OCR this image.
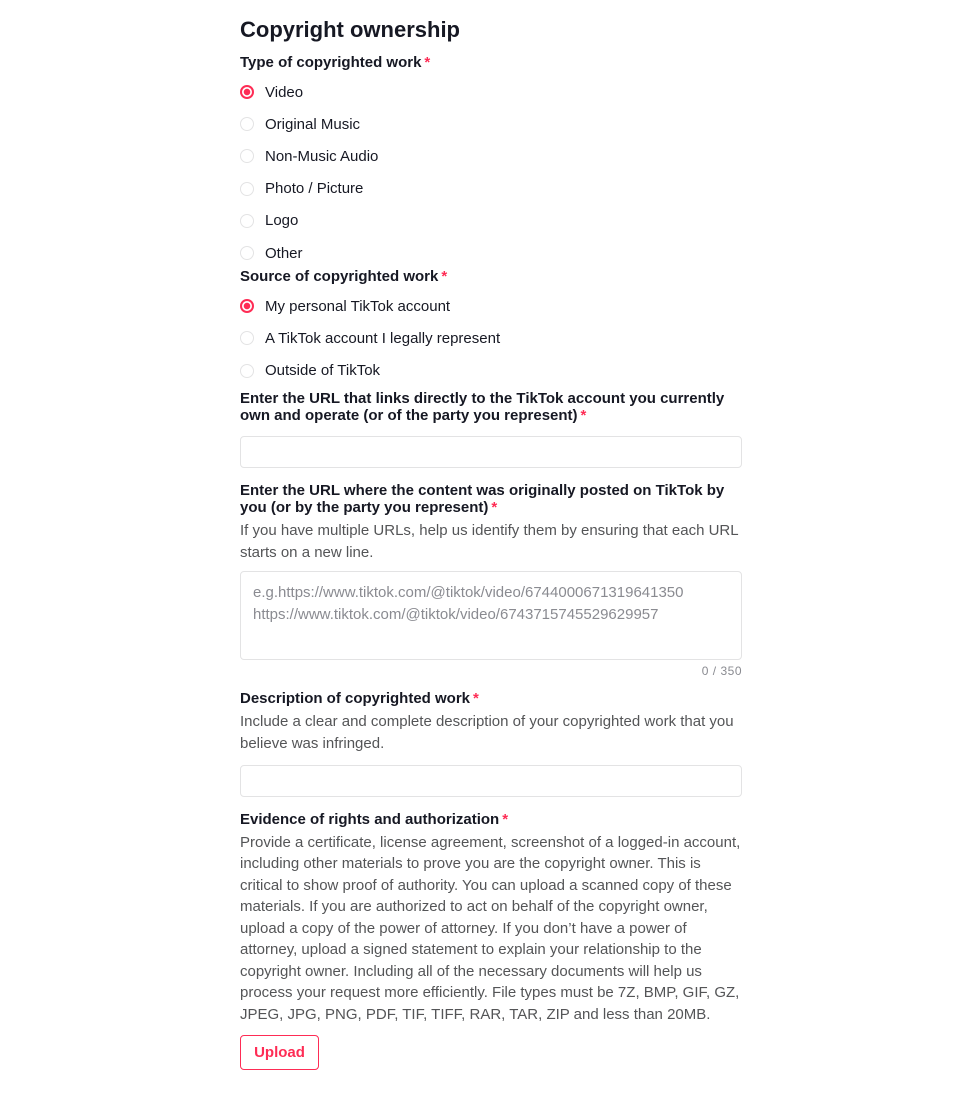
Copyright ownership
Type of copyrighted work *
Video
Original Music
Non-Music Audio
Photo / Picture
Logo
Other
Source of copyrighted work *
My personal TikTok account
A TikTok account I legally represent
Outside of TikTok
Enter the URL that links directly to the TikTok account you currently own and operate (or of the party you represent) *
Enter the URL where the content was originally posted on TikTok by you (or by the party you represent) *
If you have multiple URLs, help us identify them by ensuring that each URL starts on a new line.
e.g.https://www.tiktok.com/@tiktok/video/6744000671319641350
https://www.tiktok.com/@tiktok/video/6743715745529629957
0 / 350
Description of copyrighted work *
Include a clear and complete description of your copyrighted work that you believe was infringed.
Evidence of rights and authorization *
Provide a certificate, license agreement, screenshot of a logged-in account, including other materials to prove you are the copyright owner. This is critical to show proof of authority. You can upload a scanned copy of these materials. If you are authorized to act on behalf of the copyright owner, upload a copy of the power of attorney. If you don’t have a power of attorney, upload a signed statement to explain your relationship to the copyright owner. Including all of the necessary documents will help us process your request more efficiently. File types must be 7Z, BMP, GIF, GZ, JPEG, JPG, PNG, PDF, TIF, TIFF, RAR, TAR, ZIP and less than 20MB.
Upload
